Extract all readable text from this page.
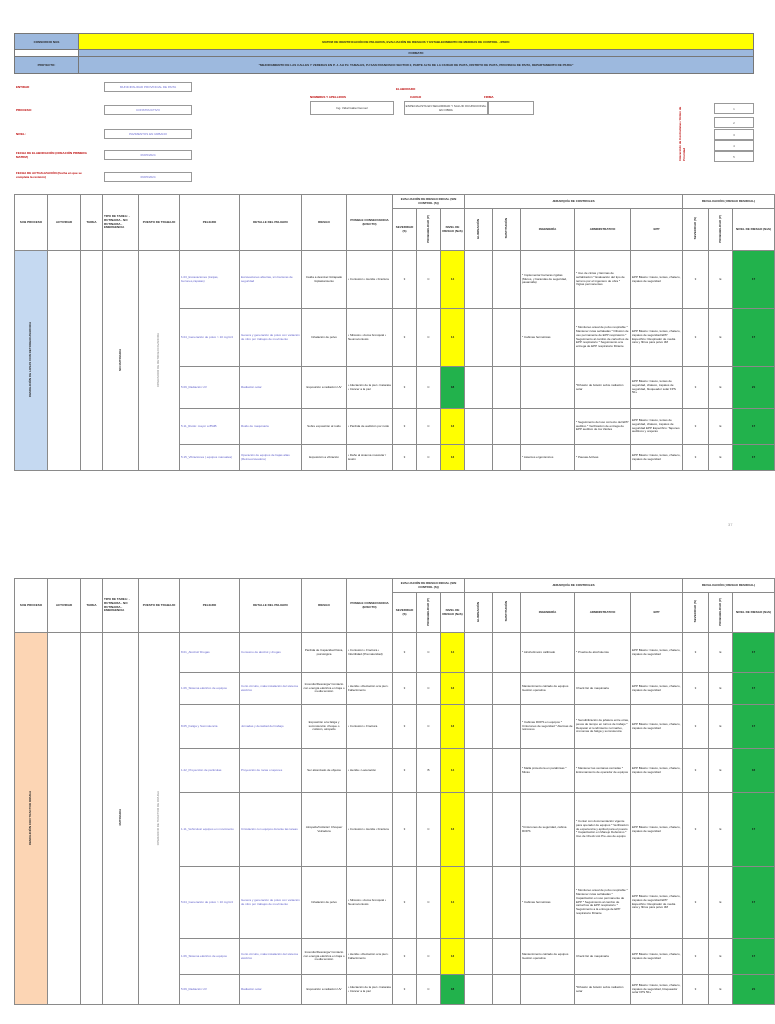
CONSORCIO NGS	MATRIZ DE IDENTIFICACIÓN DE PELIGROS, EVALUACIÓN DE RIESGOS Y ESTABLECIMIENTO DE MEDIDAS DE CONTROL - IPERC
FORMATO
PROYECTO:	"MEJORAMIENTO DE LAS CALLES Y VEREDAS EN P. J. AH PJ. TAMALES, PJ SAN FRANCISCO SECTOR 2, PARTE ALTA DE LA CIUDAD DE PAITA, DISTRITO DE PAITA, PROVINCIA DE PAITA, DEPARTAMENTO DE PIURA"
ENTIDAD	MUNICIPALIDAD PROVINCIAL DE PAITA
PROCESO:	CONSTRUCTIVO
NIVEL:	PAVIMENTOS EN URBANO
FECHA DE ELABORACIÓN (CREACIÓN PRIMERA MATRIZ)	06/05/2024
FECHA DE ACTUALIZACIÓN (Fecha en que se completa la revisión)	09/05/2024
ELABORADO
NOMBRES Y APELLIDOS	CARGO	FIRMA
Ing. Vidal Gabel Gomez	ESPECIALISTA EN SEGURIDAD Y SALUD OCUPACIONAL EN OBRA	Interacción de Contratistas / Orden de Prioridad
1
2
3
4
5
SUB PROCESO	ACTIVIDAD	TAREA	TIPO DE TAREA: - RUTINARIA - NO RUTINARIA - EMERGENCIA	PUESTO DE TRABAJO	PELIGRO	DETALLE DEL PELIGRO	RIESGO	POSIBLE CONSECUENCIA (EFECTO)	EVALUACIÓN DE RIESGO INICIAL (SIN CONTROL (S))			JERARQUÍA DE CONTROLES					REVALUACIÓN ( RIESGO RESIDUAL)		
									SEVERIDAD (S)	PROBABILIDAD (P)	NIVEL DE RIESGO (NxS)	ELIMINACIÓN	SUSTITUCIÓN	INGENIERÍA	ADMINISTRATIVO	EPP	SEVERIDAD (S)	PROBABILIDAD (P)	NIVEL DE RIESGO (NxS)
DEMOLICIÓN DE LOSAS CON RETROEXCAVADORA			NO RUTINARIA	OPERADOR DE RETROEXCAVADORA	1.03_Excavaciones (zanjas, buzones,zapatas)	Excavaciones abiertas, sin barreras de seguridad	Caída a desnivel /Atrapado /Aplastamiento	• Contusión • Herida • Fractura	3	C	14			* Implementar barreras rígidas (Muros, y barandas de seguridad, pasamalla)	* Uso de cintas y láminas de señalización * Evaluación del tipo de terreno por el ingeniero de obra * Vigías permanentes	EPP Básico: Casco, lentes, chaleco, zapatos de seguridad	3	E	17
					5.04_Generación de polvo > 10 mg/m3	Genera y generación de polvo con variación de nitro por trabajos de movimiento	Inhalación de polvo	• Silicosis • Asma bronquial • Neumoconiosis	3	C	14			* Cabinas herméticas	* Monitoreo anual de polvo respirable * Mantener rutas señaladas * Difusión de uso permanente de EPP respiratorio * Seguimiento al cambio de cartuchos de EPP respiratorio * Seguimiento a la entrega de EPP respiratorio filtrante	EPP Básico: Casco, lentes, chaleco, zapatos de seguridad EPP Específico: Respirador de media cara y filtros para polvo 3M	3	E	17
					5.09_Radiación UV	Radiación solar	Exposición a radiación UV	• Afectación de la piel • Catarata • Cáncer a la piel	3	C	18				*Difusión de boletín sobre radiación solar	EPP Básico: Casco, lentes de seguridad, chaleco, zapatos de seguridad, bloqueador solar FPS 50+	3	E	21
					5.11_Ruido: mayor a 85dB	Ruido de maquinaria	Sobre exposición al ruido	• Pérdida de audición por ruido	3	C	13				* Seguimiento del uso correcto del EPP auditivo * Verificación de entrega de EPP auditivo de los Vardes	EPP Básico: Casco, lentes de seguridad, chaleco, zapatos de seguridad EPP Específico: Tapones auditivos y orejeras	3	E	17
					5.15_Vibraciones ( equipos manuales)	Operación de equipos de bajas altas (Retroexcavadora)	Exposición a vibración	• Daño al sistema muscular / lesión	3	C	13			* Asientos ergonómicos	* Pausas Activas	EPP Básico: Casco, lentes, chaleco, zapatos de seguridad	3	E	17
37
SUB PROCESO	ACTIVIDAD	TAREA	TIPO DE TAREA: - RUTINARIA - NO RUTINARIA - EMERGENCIA	PUESTO DE TRABAJO	PELIGRO	DETALLE DEL PELIGRO	RIESGO	POSIBLE CONSECUENCIA (EFECTO)	EVALUACIÓN DE RIESGO INICIAL (SIN CONTROL (S))			JERARQUÍA DE CONTROLES					REVALUACIÓN ( RIESGO RESIDUAL)		
									SEVERIDAD (S)	PROBABILIDAD (P)	NIVEL DE RIESGO (NxS)	ELIMINACIÓN	SUSTITUCIÓN	INGENIERÍA	ADMINISTRATIVO	EPP	SEVERIDAD (S)	PROBABILIDAD (P)	NIVEL DE RIESGO (NxS)
DEMOLICIÓN CON TRACTOR ORUGA			RUTINARIA	OPERADOR DE TRACTOR DE ORUGA	8.01_Alcohol/ Drogas	Consumo de alcohol y drogas	Pérdida de Capacidad física, psicológica	• Contusión • Fractura • Infertilidad (Prematuridad)	3	C	14			* Alcoholímetro calibrado	* Prueba de alcoholemia	EPP Básico: Casco, lentes, chaleco, zapatos de seguridad	3	E	17
					1.06_Sistema eléctrico de equipos	Corto circuito, mala instalación del sistema eléctrico	Incendio/Descarga/ Contacto con energía eléctrica en baja o media tensión	• Herida • Afectación a la piel • Fallecimiento	3	C	13			Mantenimiento calzado de equipos Gestión operativa	Check list de maquinaria	EPP Básico: Casco, lentes, chaleco, zapatos de seguridad	3	E	17
					8.05_Fatiga y Somnolencia	Jornadas y densidad del trabajo	Exposición a la fatiga y somnolencia: choque o colisión, atropello	• Contusión • Fractura	3	C	13			* Cabinas ROPS en equipos * Cinturones de seguridad * Alarmas de retroceso	* Sensibilización de jefatura entre otras, pesos de tiempo en turnos de trabajo * Respetar el rendimiento normativo, cronomas de fatiga y somnolencia	EPP Básico: Casco, lentes, chaleco, zapatos de seguridad	3	E	17
					1.22_Proyección de partículas	Proyección de rocas o tapones	Ser alcanzado de objetos	• Herida • Laceración	3	B	14			* Malla protectora en parabrisas * Micas	* Mantener las ventanas cerradas * Entrenamiento de operador de equipos	EPP Básico: Casco, lentes, chaleco, zapatos de seguridad	3	E	16
					1.11_Vehículos/ equipos en movimiento	Circulación con equipos durante las tareas	Atropello/Colisión/ Choque/ Volcadura	• Contusión • Herida • Fractura	3	C	13			*Cinturones de seguridad, cabina ROPS	* Contar con documentación vigente para operador de equipos * Verificación de experiencia y aptitud para el puesto * Capacitación en Manejo Defensivo * Uso de Check List Pre-uso de equipo	EPP Básico: Casco, lentes, chaleco, zapatos de seguridad	3	E	17
					5.04_Generación de polvo > 10 mg/m3	Genera y generación de polvo con variación de nitro por trabajos de movimiento	Inhalación de polvo	• Silicosis • Asma bronquial • Neumoconiosis	3	C	14			* Cabinas herméticas	* Monitoreo anual de polvo respirable * Mantener rutas señaladas * Capacitación en uso permanente de EPP * Seguimiento al cambio de cartuchos de EPP respiratorio * Seguimiento a la entrega de EPP respiratorio filtrante	EPP Básico: Casco, lentes, chaleco, zapatos de seguridad EPP Específico: Respirador de media cara y filtros para polvo 3M	3	E	17
					1.06_Sistema eléctrico de equipos	Corto circuito, mala instalación del sistema eléctrico	Incendio/Descarga/ Contacto con energía eléctrica en baja o media tensión	• Herida • Afectación a la piel • Fallecimiento	3	C	13			Mantenimiento calzado de equipos Gestión operativa	Check list de maquinaria	EPP Básico: Casco, lentes, chaleco, zapatos de seguridad	3	E	17
					5.09_Radiación UV	Radiación solar	Exposición a radiación UV	• Afectación de la piel • Catarata • Cáncer a la piel	3	C	18				*Difusión de boletín sobre radiación solar	EPP Básico: Casco, lentes, chaleco, zapatos de seguridad, bloqueador solar FPS 50+	3	E	21
